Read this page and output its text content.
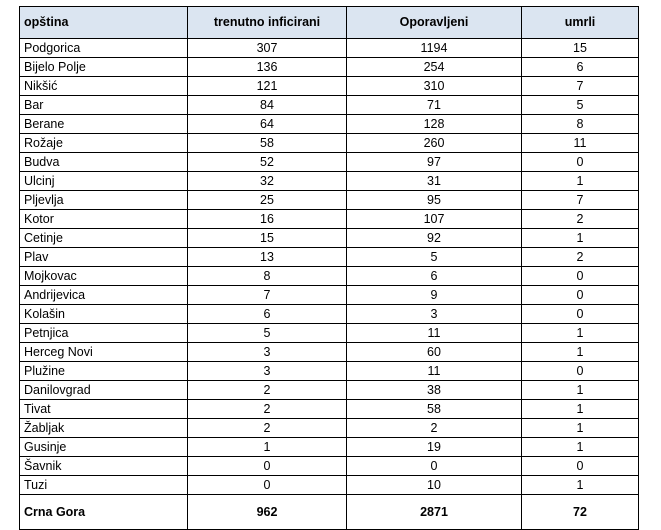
opština	trenutno inficirani	Oporavljeni	umrli
Podgorica	307	1194	15
Bijelo Polje	136	254	6
Nikšić	121	310	7
Bar	84	71	5
Berane	64	128	8
Rožaje	58	260	11
Budva	52	97	0
Ulcinj	32	31	1
Pljevlja	25	95	7
Kotor	16	107	2
Cetinje	15	92	1
Plav	13	5	2
Mojkovac	8	6	0
Andrijevica	7	9	0
Kolašin	6	3	0
Petnjica	5	11	1
Herceg Novi	3	60	1
Plužine	3	11	0
Danilovgrad	2	38	1
Tivat	2	58	1
Žabljak	2	2	1
Gusinje	1	19	1
Šavnik	0	0	0
Tuzi	0	10	1
Crna Gora	962	2871	72
